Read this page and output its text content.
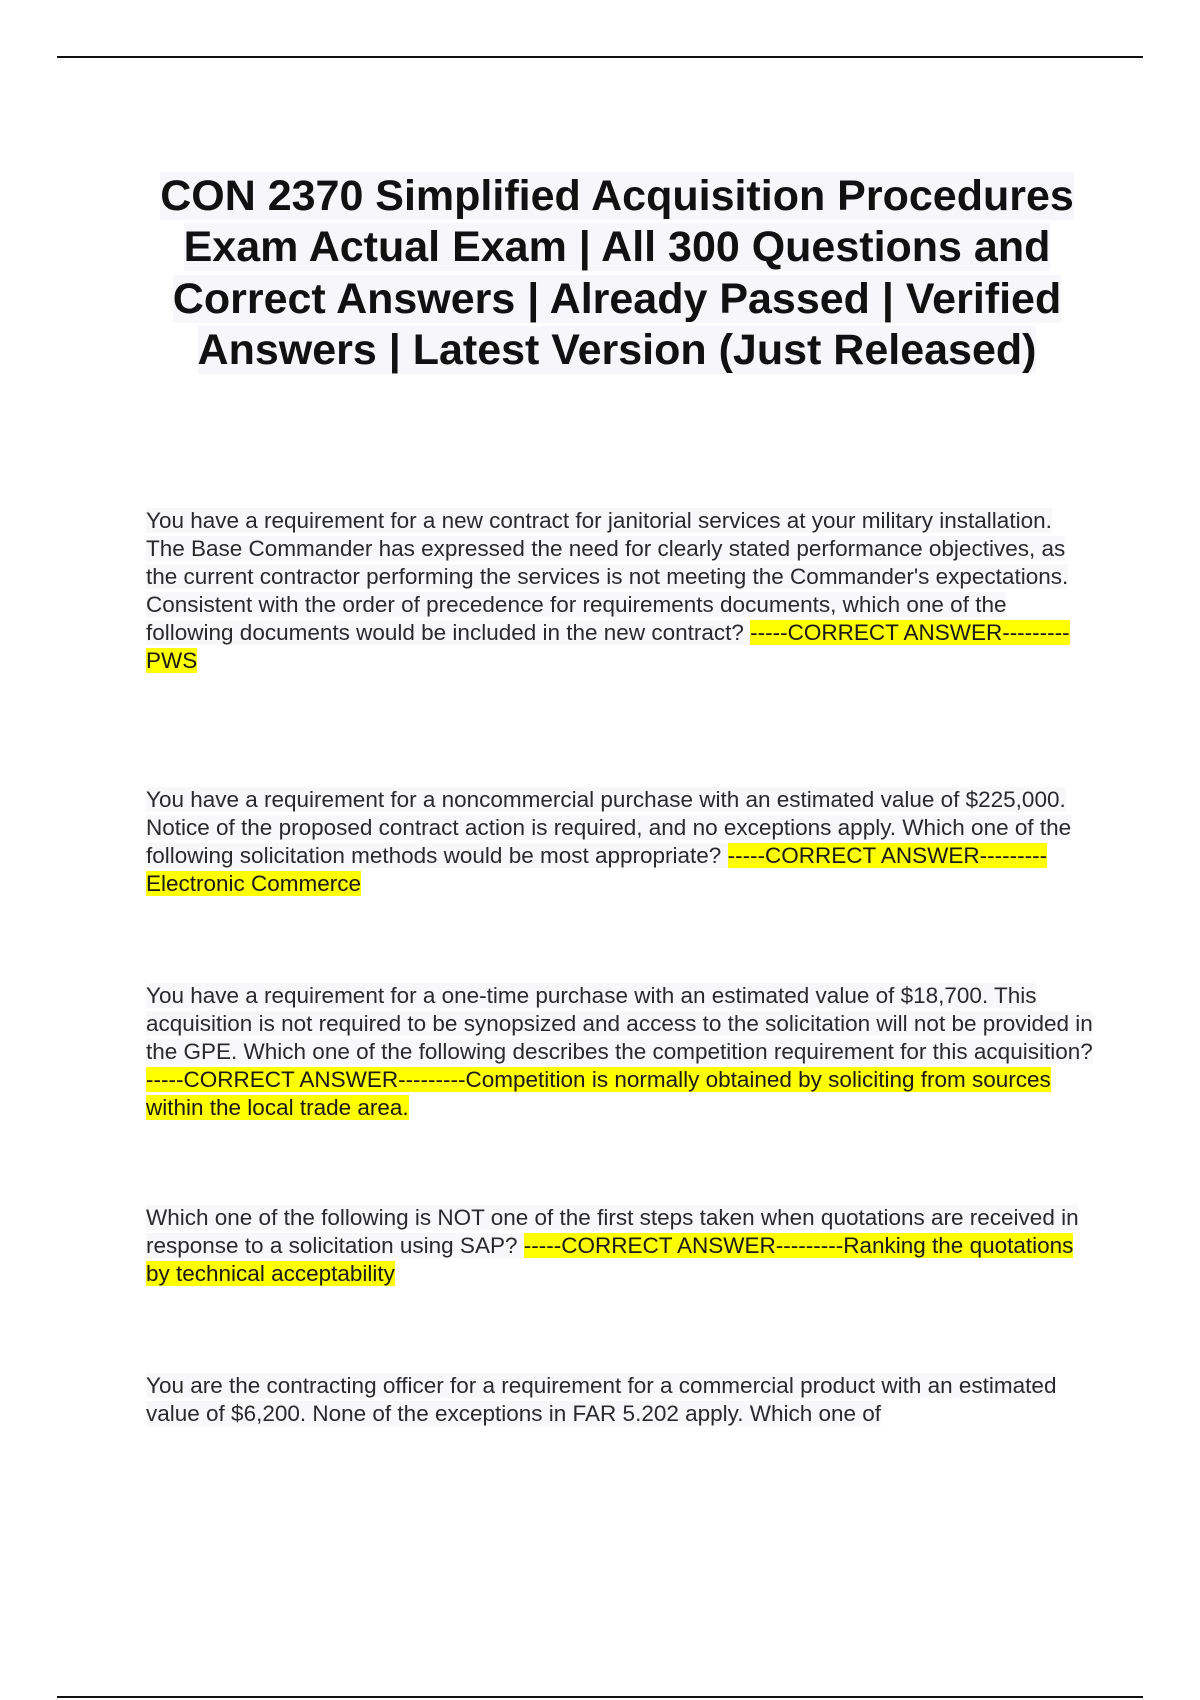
CON 2370 Simplified Acquisition Procedures Exam Actual Exam | All 300 Questions and Correct Answers | Already Passed | Verified Answers | Latest Version (Just Released)

You have a requirement for a new contract for janitorial services at your military installation. The Base Commander has expressed the need for clearly stated performance objectives, as the current contractor performing the services is not meeting the Commander's expectations.
Consistent with the order of precedence for requirements documents, which one of the following documents would be included in the new contract? -----CORRECT ANSWER---------PWS

You have a requirement for a noncommercial purchase with an estimated value of $225,000. Notice of the proposed contract action is required, and no exceptions apply. Which one of the following solicitation methods would be most appropriate? -----CORRECT ANSWER---------Electronic Commerce

You have a requirement for a one-time purchase with an estimated value of $18,700. This acquisition is not required to be synopsized and access to the solicitation will not be provided in the GPE. Which one of the following describes the competition requirement for this acquisition? -----CORRECT ANSWER---------Competition is normally obtained by soliciting from sources within the local trade area.

Which one of the following is NOT one of the first steps taken when quotations are received in response to a solicitation using SAP? -----CORRECT ANSWER---------Ranking the quotations by technical acceptability

You are the contracting officer for a requirement for a commercial product with an estimated value of $6,200. None of the exceptions in FAR 5.202 apply. Which one of
